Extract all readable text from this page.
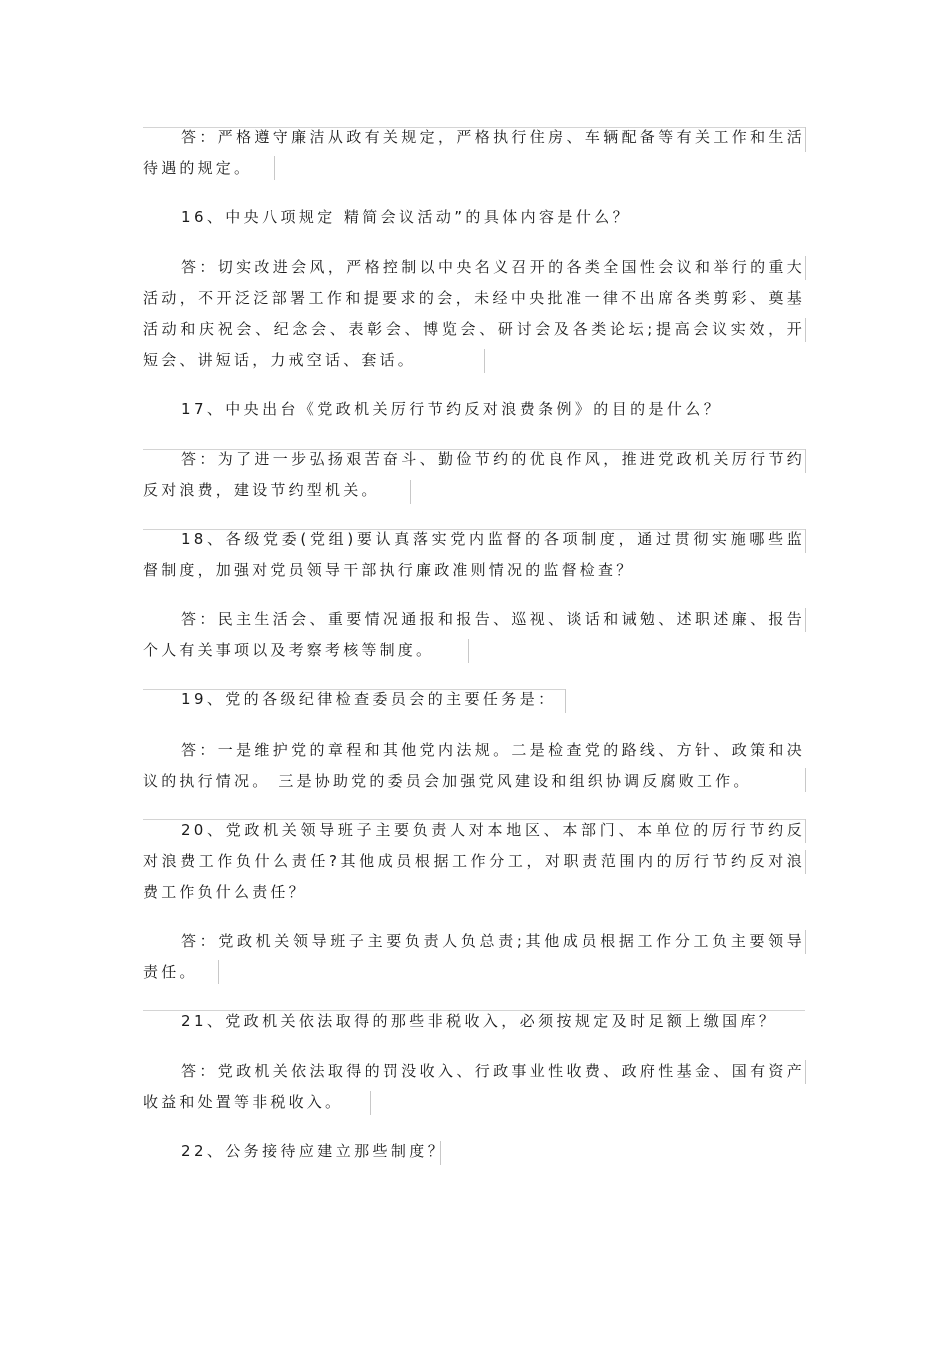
答：严格遵守廉洁从政有关规定，严格执行住房、车辆配备等有关工作和生活待遇的规定。

16、中央八项规定 精简会议活动”的具体内容是什么？

答：切实改进会风，严格控制以中央名义召开的各类全国性会议和举行的重大活动，不开泛泛部署工作和提要求的会，未经中央批准一律不出席各类剪彩、奠基活动和庆祝会、纪念会、表彰会、博览会、研讨会及各类论坛;提高会议实效，开短会、讲短话，力戒空话、套话。

17、中央出台《党政机关厉行节约反对浪费条例》的目的是什么？

答：为了进一步弘扬艰苦奋斗、勤俭节约的优良作风，推进党政机关厉行节约反对浪费，建设节约型机关。

18、各级党委(党组)要认真落实党内监督的各项制度，通过贯彻实施哪些监督制度，加强对党员领导干部执行廉政准则情况的监督检查？

答：民主生活会、重要情况通报和报告、巡视、谈话和诫勉、述职述廉、报告个人有关事项以及考察考核等制度。

19、党的各级纪律检查委员会的主要任务是：

答：一是维护党的章程和其他党内法规。二是检查党的路线、方针、政策和决议的执行情况。 三是协助党的委员会加强党风建设和组织协调反腐败工作。

20、党政机关领导班子主要负责人对本地区、本部门、本单位的厉行节约反对浪费工作负什么责任?其他成员根据工作分工，对职责范围内的厉行节约反对浪费工作负什么责任？

答：党政机关领导班子主要负责人负总责;其他成员根据工作分工负主要领导责任。

21、党政机关依法取得的那些非税收入，必须按规定及时足额上缴国库？

答：党政机关依法取得的罚没收入、行政事业性收费、政府性基金、国有资产收益和处置等非税收入。

22、公务接待应建立那些制度？
